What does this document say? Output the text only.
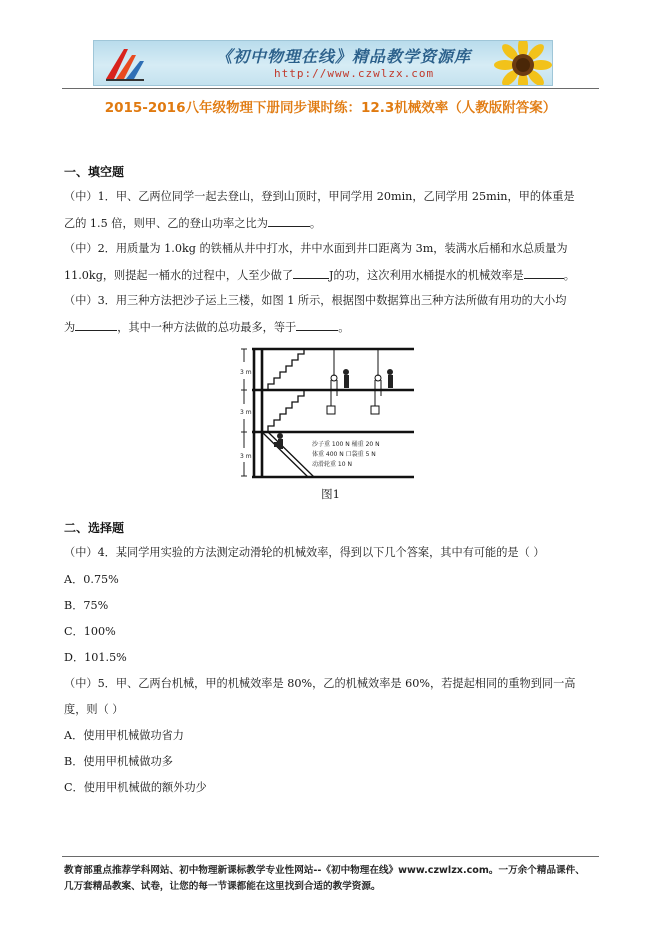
《初中物理在线》精品教学资源库
http://www.czwlzx.com
2015-2016八年级物理下册同步课时练：12.3机械效率（人教版附答案）
一、填空题
（中）1．甲、乙两位同学一起去登山，登到山顶时，甲同学用 20min，乙同学用 25min，甲的体重是
乙的 1.5 倍，则甲、乙的登山功率之比为	。
（中）2．用质量为 1.0kg 的铁桶从井中打水，井中水面到井口距离为 3m，装满水后桶和水总质量为
11.0kg，则提起一桶水的过程中，人至少做了	J的功，这次利用水桶提水的机械效率是	。
（中）3．用三种方法把沙子运上三楼，如图 1 所示，根据图中数据算出三种方法所做有用功的大小均
为	，其中一种方法做的总功最多，等于	。
3 m
3 m
3 m
沙子重 100 N 桶重 20 N
体重 400 N 口袋重 5 N
动滑轮重 10 N
图1
二、选择题
（中）4．某同学用实验的方法测定动滑轮的机械效率，得到以下几个答案，其中有可能的是（ ）
A．0.75%
B．75%
C．100%
D．101.5%
（中）5．甲、乙两台机械，甲的机械效率是 80%，乙的机械效率是 60%，若提起相同的重物到同一高
度，则（ ）
A．使用甲机械做功省力
B．使用甲机械做功多
C．使用甲机械做的额外功少
教育部重点推荐学科网站、初中物理新课标教学专业性网站--《初中物理在线》www.czwlzx.com。一万余个精品课件、
几万套精品教案、试卷，让您的每一节课都能在这里找到合适的教学资源。
